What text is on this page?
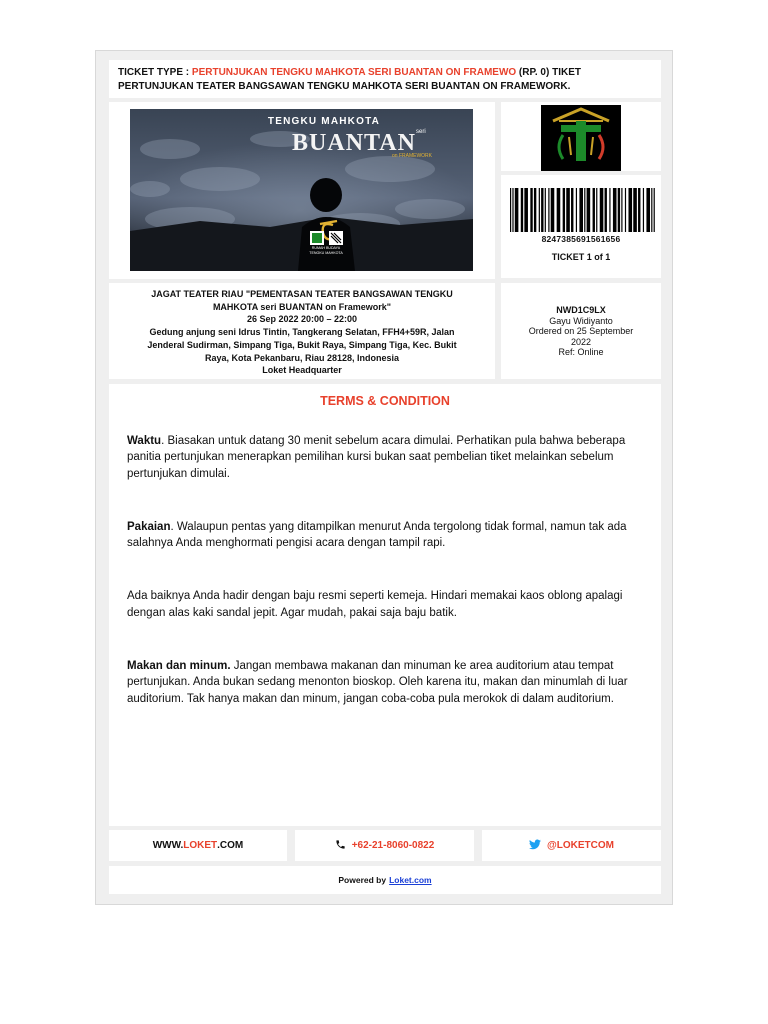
TICKET TYPE : PERTUNJUKAN TENGKU MAHKOTA SERI BUANTAN ON FRAMEWO (RP. 0) TIKET
PERTUNJUKAN TEATER BANGSAWAN TENGKU MAHKOTA SERI BUANTAN ON FRAMEWORK.
TENGKU MAHKOTA
seri
BUANTAN
on FRAMEWORK
RUMAH BUDAYA
TENGKU MAHKOTA
8247385691561656
TICKET 1 of 1
JAGAT TEATER RIAU "PEMENTASAN TEATER BANGSAWAN TENGKU
MAHKOTA seri BUANTAN on Framework"
26 Sep 2022 20:00 – 22:00
Gedung anjung seni Idrus Tintin, Tangkerang Selatan, FFH4+59R, Jalan
Jenderal Sudirman, Simpang Tiga, Bukit Raya, Simpang Tiga, Kec. Bukit
Raya, Kota Pekanbaru, Riau 28128, Indonesia
Loket Headquarter
NWD1C9LX
Gayu Widiyanto
Ordered on 25 September
2022
Ref: Online
TERMS & CONDITION

Waktu. Biasakan untuk datang 30 menit sebelum acara dimulai. Perhatikan pula bahwa beberapa panitia pertunjukan menerapkan pemilihan kursi bukan saat pembelian tiket melainkan sebelum pertunjukan dimulai.

Pakaian. Walaupun pentas yang ditampilkan menurut Anda tergolong tidak formal, namun tak ada salahnya Anda menghormati pengisi acara dengan tampil rapi.

Ada baiknya Anda hadir dengan baju resmi seperti kemeja. Hindari memakai kaos oblong apalagi dengan alas kaki sandal jepit. Agar mudah, pakai saja baju batik.

Makan dan minum. Jangan membawa makanan dan minuman ke area auditorium atau tempat pertunjukan. Anda bukan sedang menonton bioskop. Oleh karena itu, makan dan minumlah di luar auditorium. Tak hanya makan dan minum, jangan coba-coba pula merokok di dalam auditorium.

WWW. LOKET .COM	+62-21-8060-0822	@LOKETCOM
Powered by Loket.com
